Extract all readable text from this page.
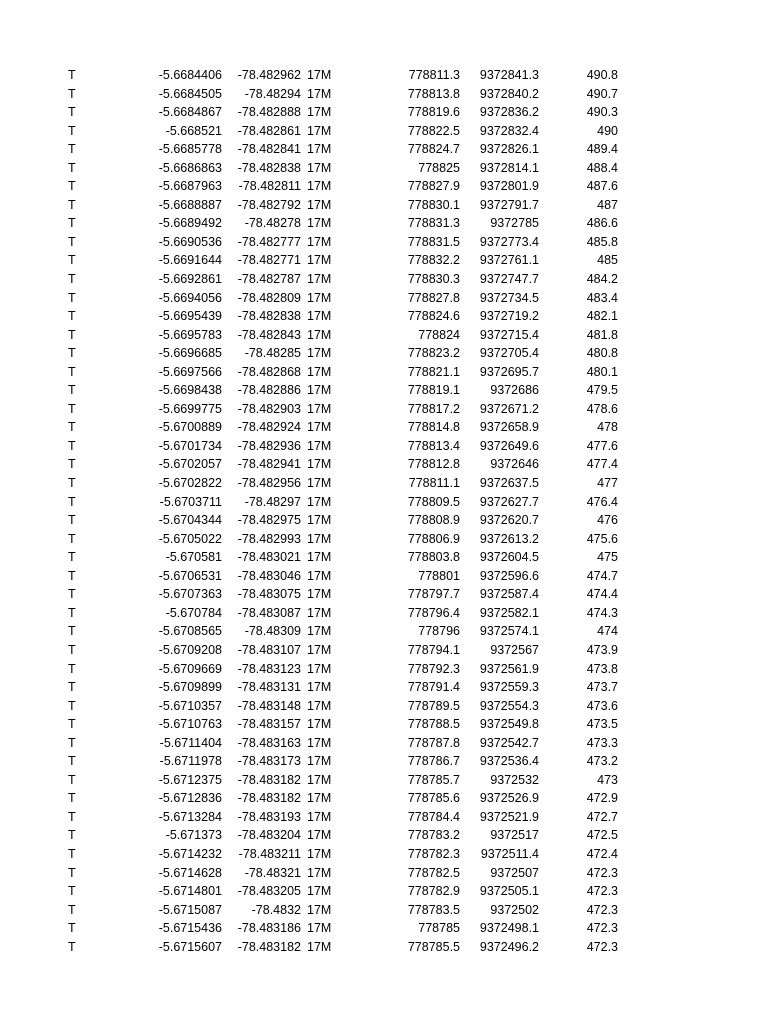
T	-5.6684406 -78.482962 17M	778811.3 9372841.3	490.8
T	-5.6684505 -78.48294 17M	778813.8 9372840.2	490.7
T	-5.6684867 -78.482888 17M	778819.6 9372836.2	490.3
T	-5.668521 -78.482861 17M	778822.5 9372832.4	490
T	-5.6685778 -78.482841 17M	778824.7 9372826.1	489.4
T	-5.6686863 -78.482838 17M	778825 9372814.1	488.4
T	-5.6687963 -78.482811 17M	778827.9 9372801.9	487.6
T	-5.6688887 -78.482792 17M	778830.1 9372791.7	487
T	-5.6689492 -78.48278 17M	778831.3 9372785	486.6
T	-5.6690536 -78.482777 17M	778831.5 9372773.4	485.8
T	-5.6691644 -78.482771 17M	778832.2 9372761.1	485
T	-5.6692861 -78.482787 17M	778830.3 9372747.7	484.2
T	-5.6694056 -78.482809 17M	778827.8 9372734.5	483.4
T	-5.6695439 -78.482838 17M	778824.6 9372719.2	482.1
T	-5.6695783 -78.482843 17M	778824 9372715.4	481.8
T	-5.6696685 -78.48285 17M	778823.2 9372705.4	480.8
T	-5.6697566 -78.482868 17M	778821.1 9372695.7	480.1
T	-5.6698438 -78.482886 17M	778819.1 9372686	479.5
T	-5.6699775 -78.482903 17M	778817.2 9372671.2	478.6
T	-5.6700889 -78.482924 17M	778814.8 9372658.9	478
T	-5.6701734 -78.482936 17M	778813.4 9372649.6	477.6
T	-5.6702057 -78.482941 17M	778812.8 9372646	477.4
T	-5.6702822 -78.482956 17M	778811.1 9372637.5	477
T	-5.6703711 -78.48297 17M	778809.5 9372627.7	476.4
T	-5.6704344 -78.482975 17M	778808.9 9372620.7	476
T	-5.6705022 -78.482993 17M	778806.9 9372613.2	475.6
T	-5.670581 -78.483021 17M	778803.8 9372604.5	475
T	-5.6706531 -78.483046 17M	778801 9372596.6	474.7
T	-5.6707363 -78.483075 17M	778797.7 9372587.4	474.4
T	-5.670784 -78.483087 17M	778796.4 9372582.1	474.3
T	-5.6708565 -78.48309 17M	778796 9372574.1	474
T	-5.6709208 -78.483107 17M	778794.1 9372567	473.9
T	-5.6709669 -78.483123 17M	778792.3 9372561.9	473.8
T	-5.6709899 -78.483131 17M	778791.4 9372559.3	473.7
T	-5.6710357 -78.483148 17M	778789.5 9372554.3	473.6
T	-5.6710763 -78.483157 17M	778788.5 9372549.8	473.5
T	-5.6711404 -78.483163 17M	778787.8 9372542.7	473.3
T	-5.6711978 -78.483173 17M	778786.7 9372536.4	473.2
T	-5.6712375 -78.483182 17M	778785.7 9372532	473
T	-5.6712836 -78.483182 17M	778785.6 9372526.9	472.9
T	-5.6713284 -78.483193 17M	778784.4 9372521.9	472.7
T	-5.671373 -78.483204 17M	778783.2 9372517	472.5
T	-5.6714232 -78.483211 17M	778782.3 9372511.4	472.4
T	-5.6714628 -78.48321 17M	778782.5 9372507	472.3
T	-5.6714801 -78.483205 17M	778782.9 9372505.1	472.3
T	-5.6715087 -78.4832 17M	778783.5 9372502	472.3
T	-5.6715436 -78.483186 17M	778785 9372498.1	472.3
T	-5.6715607 -78.483182 17M	778785.5 9372496.2	472.3
